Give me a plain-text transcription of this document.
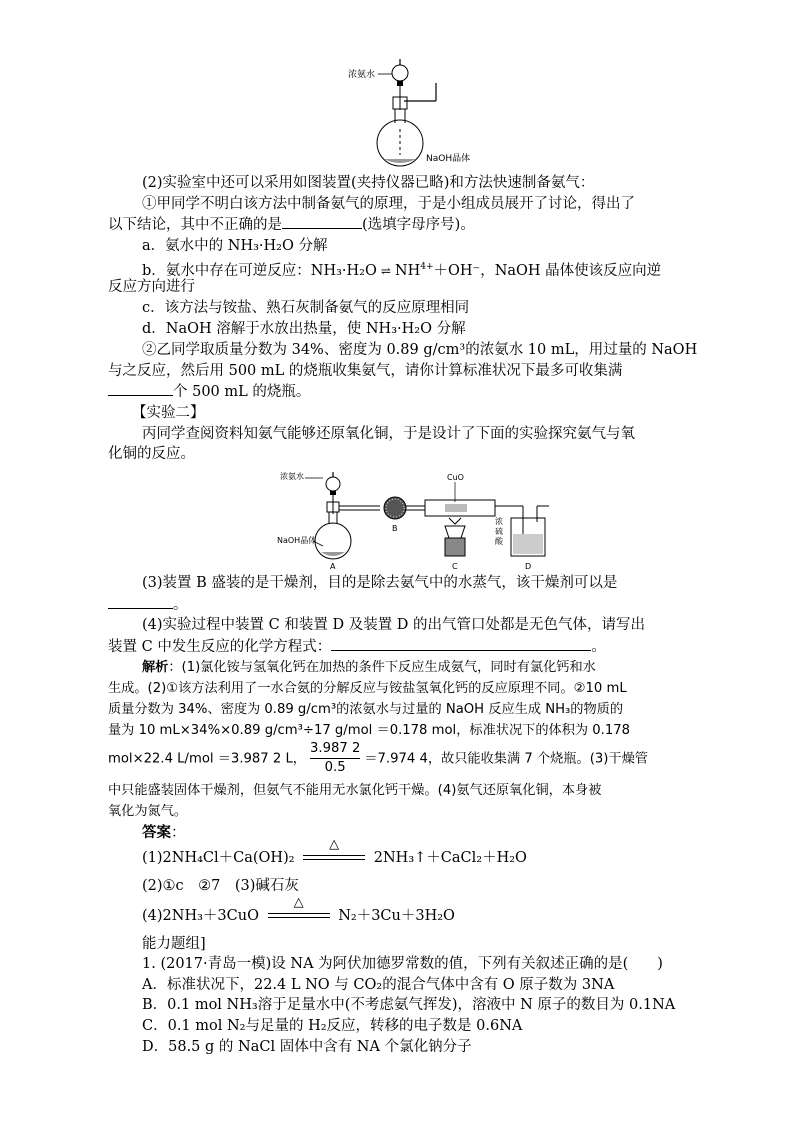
浓氨水
NaOH晶体
(2)实验室中还可以采用如图装置(夹持仪器已略)和方法快速制备氨气：
①甲同学不明白该方法中制备氨气的原理，于是小组成员展开了讨论，得出了
以下结论，其中不正确的是	(选填字母序号)。
a．氨水中的 NH₃·H₂O 分解
b．氨水中存在可逆反应：NH₃·H₂O ⇌ $NH^{4+}+OH^-$，NaOH 晶体使该反应向逆
反应方向进行
c．该方法与铵盐、熟石灰制备氨气的反应原理相同
d．NaOH 溶解于水放出热量，使 NH₃·H₂O 分解
②乙同学取质量分数为 34%、密度为 0.89 g/cm³的浓氨水 10 mL，用过量的 NaOH
与之反应，然后用 500 mL 的烧瓶收集氨气，请你计算标准状况下最多可收集满
个 500 mL 的烧瓶。
【实验二】
丙同学查阅资料知氨气能够还原氧化铜，于是设计了下面的实验探究氨气与氧
化铜的反应。
浓氨水
NaOH晶体
A
B
CuO
C
浓
硫
酸
D
(3)装置 B 盛装的是干燥剂，目的是除去氨气中的水蒸气，该干燥剂可以是
。
(4)实验过程中装置 C 和装置 D 及装置 D 的出气管口处都是无色气体，请写出
装置 C 中发生反应的化学方程式：	。
解析：(1)氯化铵与氢氧化钙在加热的条件下反应生成氨气，同时有氯化钙和水
生成。(2)①该方法利用了一水合氨的分解反应与铵盐氢氧化钙的反应原理不同。②10 mL
质量分数为 34%、密度为 0.89 g/cm³的浓氨水与过量的 NaOH 反应生成 NH₃的物质的
量为 10 mL×34%×0.89 g/cm³÷17 g/mol ＝0.178 mol，标准状况下的体积为 0.178
mol×22.4 L/mol ＝3.987 2 L， $\frac{3.987 2}{0.5} =7.974$ 4，故只能收集满 7 个烧瓶。(3)干燥管
中只能盛装固体干燥剂，但氨气不能用无水氯化钙干燥。(4)氨气还原氧化铜，本身被
氧化为氮气。
答案：
(1)2NH₄Cl＋Ca(OH)₂
△
2NH₃↑＋CaCl₂＋H₂O
(2)①c　②7　(3)碱石灰
(4)2NH₃＋3CuO
△
N₂＋3Cu＋3H₂O
能力题组]
1. (2017·青岛一模)设 NA 为阿伏加德罗常数的值，下列有关叙述正确的是(　　)
A．标准状况下，22.4 L NO 与 CO₂的混合气体中含有 O 原子数为 3NA
B．0.1 mol NH₃溶于足量水中(不考虑氨气挥发)，溶液中 N 原子的数目为 0.1NA
C．0.1 mol N₂与足量的 H₂反应，转移的电子数是 0.6NA
D．58.5 g 的 NaCl 固体中含有 NA 个氯化钠分子
